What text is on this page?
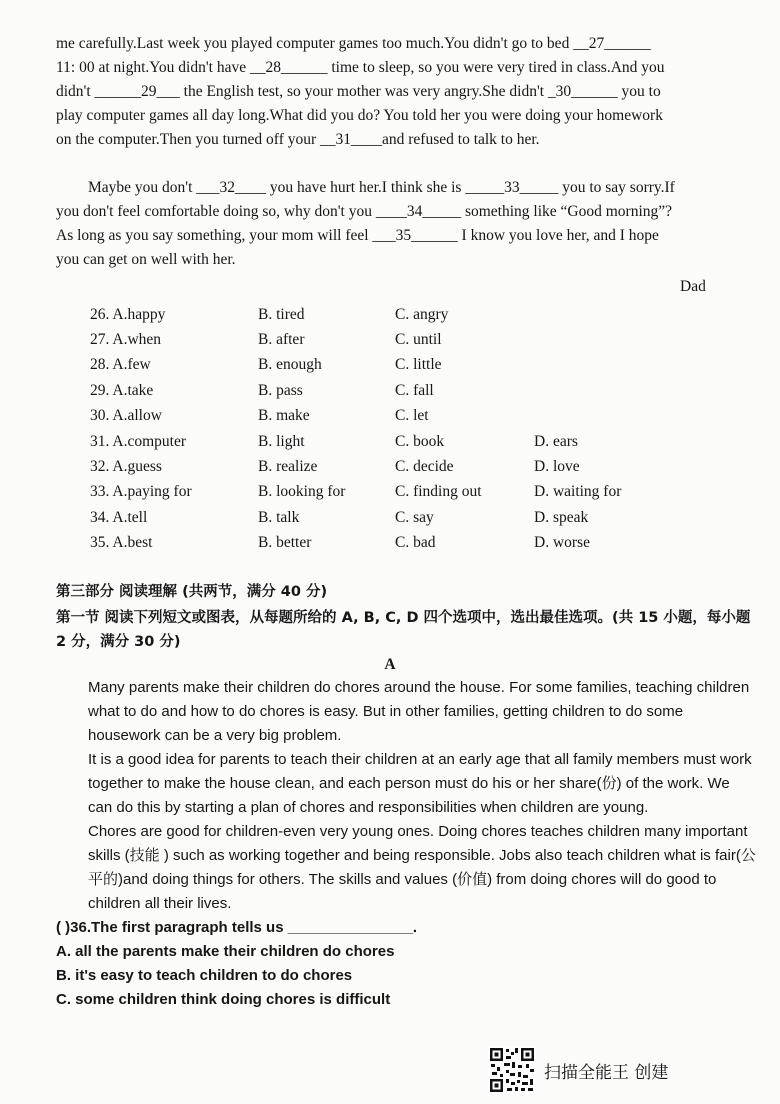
me carefully.Last week you played computer games too much.You didn't go to bed __27______

11: 00 at night.You didn't have __28______ time to sleep, so you were very tired in class.And you

didn't ______29___ the English test, so your mother was very angry.She didn't _30______ you to

play computer games all day long.What did you do? You told her you were doing your homework

on the computer.Then you turned off your __31____and refused to talk to her.

Maybe you don't ___32____ you have hurt her.I think she is _____33_____ you to say sorry.If

you don't feel comfortable doing so, why don't you ____34_____ something like “Good morning”?

As long as you say something, your mom will feel ___35______ I know you love her, and I hope

you can get on well with her.

Dad
26. A.happy	B. tired	C. angry
27. A.when	B. after	C. until
28. A.few	B. enough	C. little
29. A.take	B. pass	C. fall
30. A.allow	B. make	C. let
31. A.computer	B. light	C. book	D. ears
32. A.guess	B. realize	C. decide	D. love
33. A.paying for	B. looking for	C. finding out	D. waiting for
34. A.tell	B. talk	C. say	D. speak
35. A.best	B. better	C. bad	D. worse
第三部分 阅读理解 (共两节，满分 40 分)
第一节 阅读下列短文或图表，从每题所给的 A, B, C, D 四个选项中，选出最佳选项。(共 15 小题，每小题 2 分，满分 30 分)
A

Many parents make their children do chores around the house. For some families, teaching children what to do and how to do chores is easy. But in other families, getting children to do some housework can be a very big problem.

It is a good idea for parents to teach their children at an early age that all family members must work together to make the house clean, and each person must do his or her share(份) of the work. We can do this by starting a plan of chores and responsibilities when children are young.

Chores are good for children-even very young ones. Doing chores teaches children many important skills (技能 ) such as working together and being responsible. Jobs also teach children what is fair(公平的)and doing things for others. The skills and values (价值) from doing chores will do good to children all their lives.

( )36.The first paragraph tells us _______________.
A. all the parents make their children do chores
B. it's easy to teach children to do chores
C. some children think doing chores is difficult
扫描全能王 创建
